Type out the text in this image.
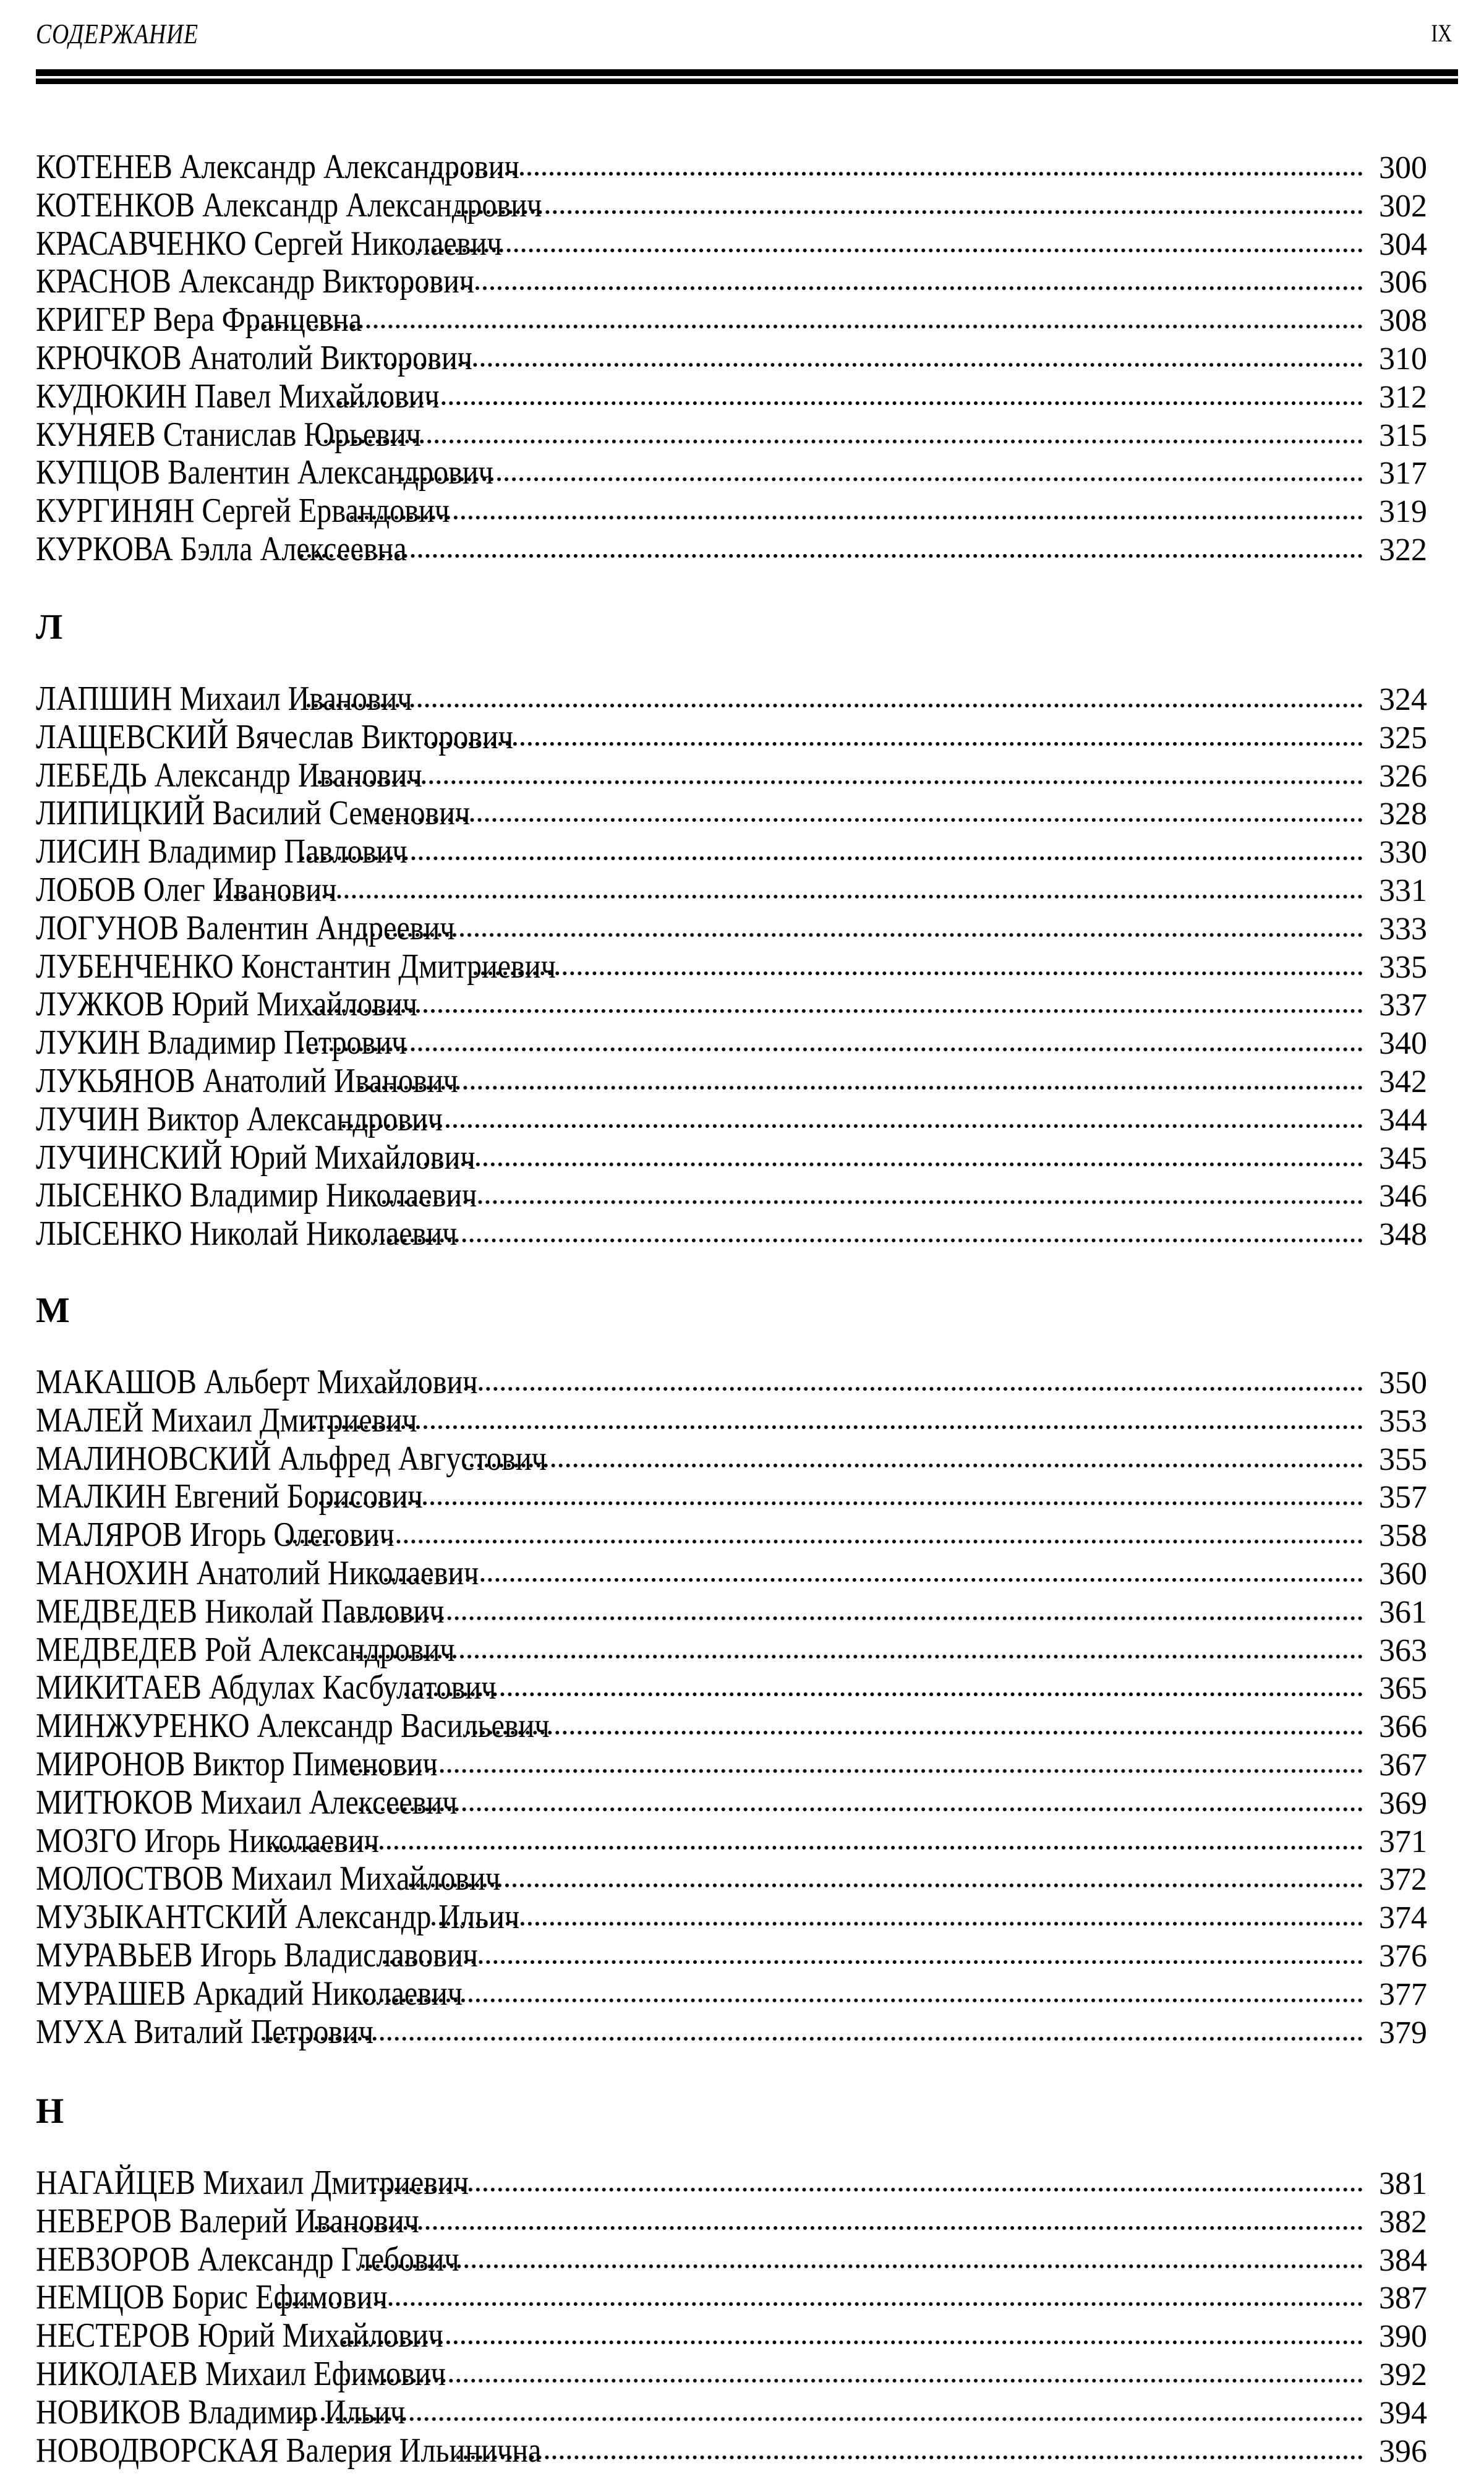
СОДЕРЖАНИЕ	IX
КОТЕНЕВ Александр Александрович	300
КОТЕНКОВ Александр Александрович	302
КРАСАВЧЕНКО Сергей Николаевич	304
КРАСНОВ Александр Викторович	306
КРИГЕР Вера Францевна	308
КРЮЧКОВ Анатолий Викторович	310
КУДЮКИН Павел Михайлович	312
КУНЯЕВ Станислав Юрьевич	315
КУПЦОВ Валентин Александрович	317
КУРГИНЯН Сергей Ервандович	319
КУРКОВА Бэлла Алексеевна	322
Л
ЛАПШИН Михаил Иванович	324
ЛАЩЕВСКИЙ Вячеслав Викторович	325
ЛЕБЕДЬ Александр Иванович	326
ЛИПИЦКИЙ Василий Семенович	328
ЛИСИН Владимир Павлович	330
ЛОБОВ Олег Иванович	331
ЛОГУНОВ Валентин Андреевич	333
ЛУБЕНЧЕНКО Константин Дмитриевич	335
ЛУЖКОВ Юрий Михайлович	337
ЛУКИН Владимир Петрович	340
ЛУКЬЯНОВ Анатолий Иванович	342
ЛУЧИН Виктор Александрович	344
ЛУЧИНСКИЙ Юрий Михайлович	345
ЛЫСЕНКО Владимир Николаевич	346
ЛЫСЕНКО Николай Николаевич	348
М
МАКАШОВ Альберт Михайлович	350
МАЛЕЙ Михаил Дмитриевич	353
МАЛИНОВСКИЙ Альфред Августович	355
МАЛКИН Евгений Борисович	357
МАЛЯРОВ Игорь Олегович	358
МАНОХИН Анатолий Николаевич	360
МЕДВЕДЕВ Николай Павлович	361
МЕДВЕДЕВ Рой Александрович	363
МИКИТАЕВ Абдулах Касбулатович	365
МИНЖУРЕНКО Александр Васильевич	366
МИРОНОВ Виктор Пименович	367
МИТЮКОВ Михаил Алексеевич	369
МОЗГО Игорь Николаевич	371
МОЛОСТВОВ Михаил Михайлович	372
МУЗЫКАНТСКИЙ Александр Ильич	374
МУРАВЬЕВ Игорь Владиславович	376
МУРАШЕВ Аркадий Николаевич	377
МУХА Виталий Петрович	379
Н
НАГАЙЦЕВ Михаил Дмитриевич	381
НЕВЕРОВ Валерий Иванович	382
НЕВЗОРОВ Александр Глебович	384
НЕМЦОВ Борис Ефимович	387
НЕСТЕРОВ Юрий Михайлович	390
НИКОЛАЕВ Михаил Ефимович	392
НОВИКОВ Владимир Ильич	394
НОВОДВОРСКАЯ Валерия Ильинична	396
